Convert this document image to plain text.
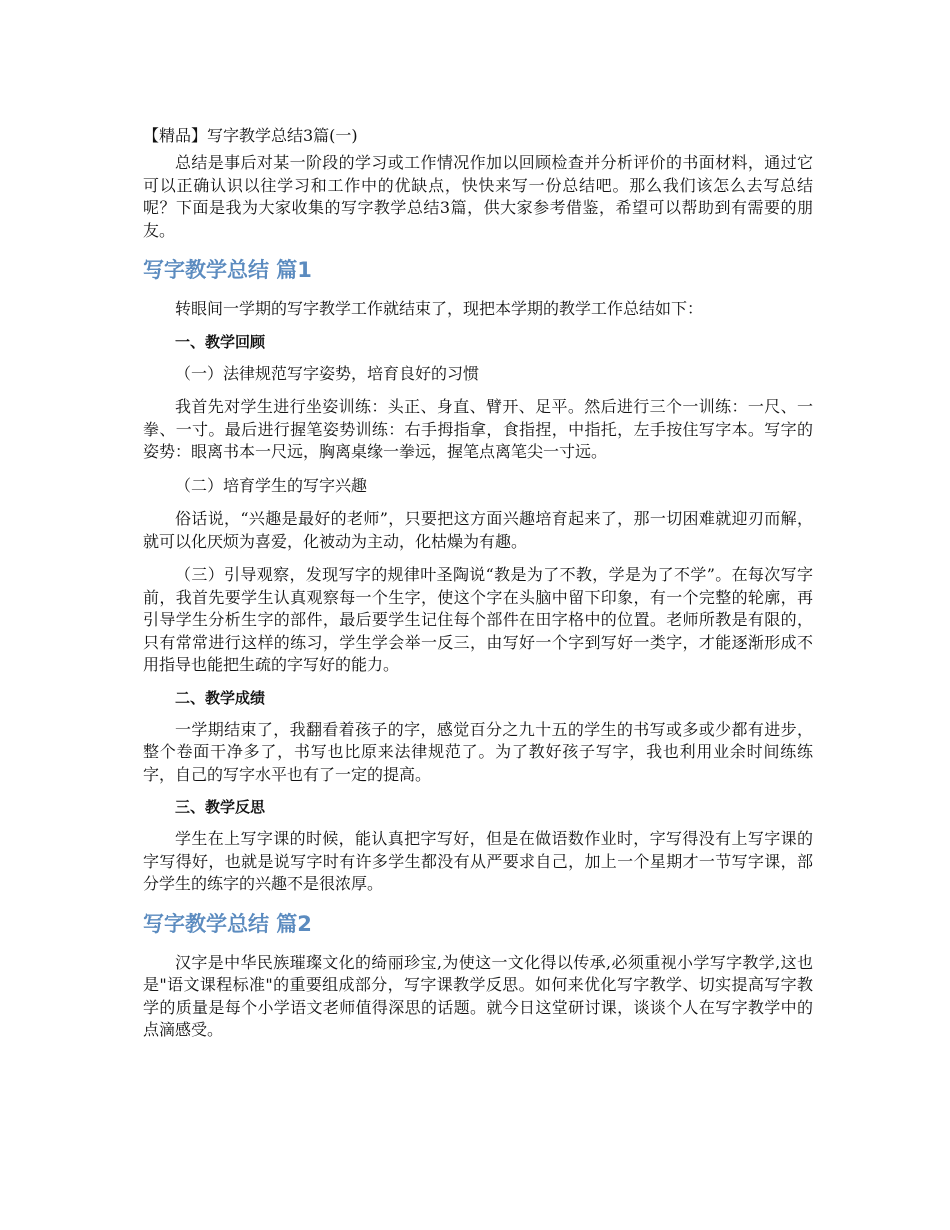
【精品】写字教学总结3篇(一)

总结是事后对某一阶段的学习或工作情况作加以回顾检查并分析评价的书面材料，通过它可以正确认识以往学习和工作中的优缺点，快快来写一份总结吧。那么我们该怎么去写总结呢？下面是我为大家收集的写字教学总结3篇，供大家参考借鉴，希望可以帮助到有需要的朋友。

写字教学总结 篇1

转眼间一学期的写字教学工作就结束了，现把本学期的教学工作总结如下：

一、教学回顾

（一）法律规范写字姿势，培育良好的习惯

我首先对学生进行坐姿训练：头正、身直、臂开、足平。然后进行三个一训练：一尺、一拳、一寸。最后进行握笔姿势训练：右手拇指拿，食指捏，中指托，左手按住写字本。写字的姿势：眼离书本一尺远，胸离桌缘一拳远，握笔点离笔尖一寸远。

（二）培育学生的写字兴趣

俗话说，“兴趣是最好的老师”，只要把这方面兴趣培育起来了，那一切困难就迎刃而解，就可以化厌烦为喜爱，化被动为主动，化枯燥为有趣。

（三）引导观察，发现写字的规律叶圣陶说“教是为了不教，学是为了不学”。在每次写字前，我首先要学生认真观察每一个生字，使这个字在头脑中留下印象，有一个完整的轮廓，再引导学生分析生字的部件，最后要学生记住每个部件在田字格中的位置。老师所教是有限的，只有常常进行这样的练习，学生学会举一反三，由写好一个字到写好一类字，才能逐渐形成不用指导也能把生疏的字写好的能力。

二、教学成绩

一学期结束了，我翻看着孩子的字，感觉百分之九十五的学生的书写或多或少都有进步，整个卷面干净多了，书写也比原来法律规范了。为了教好孩子写字，我也利用业余时间练练字，自己的写字水平也有了一定的提高。

三、教学反思

学生在上写字课的时候，能认真把字写好，但是在做语数作业时，字写得没有上写字课的字写得好，也就是说写字时有许多学生都没有从严要求自己，加上一个星期才一节写字课，部分学生的练字的兴趣不是很浓厚。

写字教学总结 篇2

汉字是中华民族璀璨文化的绮丽珍宝,为使这一文化得以传承,必须重视小学写字教学,这也是"语文课程标准"的重要组成部分，写字课教学反思。如何来优化写字教学、切实提高写字教学的质量是每个小学语文老师值得深思的话题。就今日这堂研讨课，谈谈个人在写字教学中的点滴感受。
